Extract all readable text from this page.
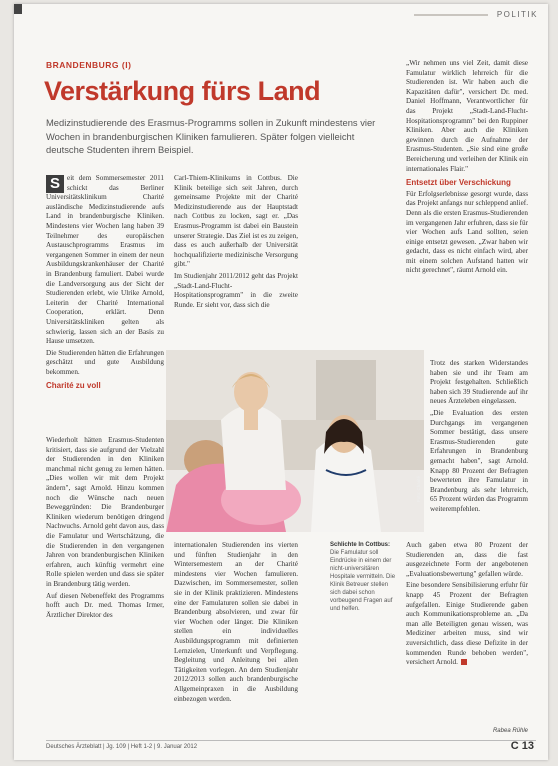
POLITIK
BRANDENBURG (I)
Verstärkung fürs Land
Medizinstudierende des Erasmus-Programms sollen in Zukunft mindestens vier Wochen in brandenburgischen Kliniken famulieren. Später folgen vielleicht deutsche Studenten ihrem Beispiel.

S eit dem Sommersemester 2011 schickt das Berliner Universitätsklinikum Charité ausländische Medizinstudierende aufs Land in brandenburgische Kliniken. Mindestens vier Wochen lang haben 39 Teilnehmer des europäischen Austauschprogramms Erasmus im vergangenen Sommer in einem der neun Ausbildungskrankenhäuser der Charité in Brandenburg famuliert. Dabei wurde die Landversorgung aus der Sicht der Studierenden erlebt, wie Ulrike Arnold, Leiterin der Charité International Cooperation, erklärt. Denn Universitätskliniken gelten als schwierig, lassen sich an der Basis zu Hause umsetzen.

Die Studierenden hätten die Erfahrungen geschätzt und gute Ausbildung bekommen.

Charité zu voll

Wiederholt hätten Erasmus-Studenten kritisiert, dass sie aufgrund der Vielzahl der Studierenden in den Kliniken manchmal nicht genug zu lernen hätten. „Dies wollen wir mit dem Projekt ändern", sagt Arnold. Hinzu kommen noch die Wünsche nach neuen Beweggründen: Die Brandenburger Kliniken wiederum benötigen dringend Nachwuchs. Arnold geht davon aus, dass die Famulatur und Wertschätzung, die die Studierenden in den vergangenen Jahren von brandenburgischen Kliniken erfahren, auch künftig vermehrt eine Rolle spielen werden und dass sie später in Brandenburg tätig werden.

Auf diesen Nebeneffekt des Programms hofft auch Dr. med. Thomas Irmer, Ärztlicher Direktor des

Carl-Thiem-Klinikums in Cottbus. Die Klinik beteilige sich seit Jahren, durch gemeinsame Projekte mit der Charité Medizinstudierende aus der Hauptstadt nach Cottbus zu locken, sagt er. „Das Erasmus-Programm ist dabei ein Baustein unserer Strategie. Das Ziel ist es zu zeigen, dass es auch außerhalb der Universität hochqualifizierte medizinische Versorgung gibt."

Im Studienjahr 2011/2012 geht das Projekt „Stadt-Land-Flucht-Hospitationsprogramm" in die zweite Runde. Er sieht vor, dass sich die

internationalen Studierenden ins vierten und fünften Studienjahr in den Wintersemestern an der Charité mindestens vier Wochen famulieren. Dazwischen, im Sommersemester, sollen sie in der Klinik praktizieren. Mindestens eine der Famulaturen sollen sie dabei in Brandenburg absolvieren, und zwar für vier Wochen oder länger. Die Kliniken stellen ein individuelles Ausbildungsprogramm mit definierten Lernzielen, Unterkunft und Verpflegung. Begleitung und Anleitung bei allen Tätigkeiten vorlegen. An dem Studienjahr 2012/2013 sollen auch brandenburgische Allgemeinpraxen in die Ausbildung einbezogen werden.

„Wir nehmen uns viel Zeit, damit diese Famulatur wirklich lehrreich für die Studierenden ist. Wir haben auch die Kapazitäten dafür", versichert Dr. med. Daniel Hoffmann, Verantwortlicher für das Projekt „Stadt-Land-Flucht-Hospitationsprogramm" bei den Ruppiner Kliniken. Aber auch die Kliniken gewinnen durch die Aufnahme der Erasmus-Studenten. „Sie sind eine große Bereicherung und verleihen der Klinik ein internationales Flair."

Entsetzt über Verschickung

Für Erfolgserlebnisse gesorgt wurde, dass das Projekt anfangs nur schleppend anlief. Denn als die ersten Erasmus-Studierenden im vergangenen Jahr erfuhren, dass sie für vier Wochen aufs Land sollten, seien einige entsetzt gewesen. „Zwar haben wir gedacht, dass es nicht einfach wird, aber mit einem solchen Aufstand hatten wir nicht gerechnet", räumt Arnold ein.

Trotz des starken Widerstandes haben sie und ihr Team am Projekt festgehalten. Schließlich haben sich 39 Studierende auf ihr neues Ärzteleben eingelassen.

„Die Evaluation des ersten Durchgangs im vergangenen Sommer bestätigt, dass unsere Erasmus-Studierenden gute Erfahrungen in Brandenburg gemacht haben", sagt Arnold. Knapp 80 Prozent der Befragten bewerteten ihre Famulatur in Brandenburg als sehr lehrreich, 65 Prozent würden das Programm weiterempfehlen.

Auch gaben etwa 80 Prozent der Studierenden an, dass die fast ausgezeichnete Form der angebotenen „Evaluationsbewertung" gefallen würde.

Eine besondere Sensibilisierung erfuhr für knapp 45 Prozent der Befragten aufgefallen. Einige Studierende gaben auch Kommunikationsprobleme an. „Da man alle Beteiligten genau wissen, was Mediziner arbeiten muss, sind wir zuversichtlich, dass diese Defizite in der kommenden Runde behoben werden", versichert Arnold.

Foto: Charité
Schlichte In Cottbus: Die Famulatur soll Eindrücke in einem der nicht-universitären Hospitale vermitteln. Die Klinik Betreuer stellen sich dabei schon vorbeugend Fragen auf und helfen.
Rabea Rühle
Deutsches Ärzteblatt | Jg. 109 | Heft 1-2 | 9. Januar 2012	C 13
